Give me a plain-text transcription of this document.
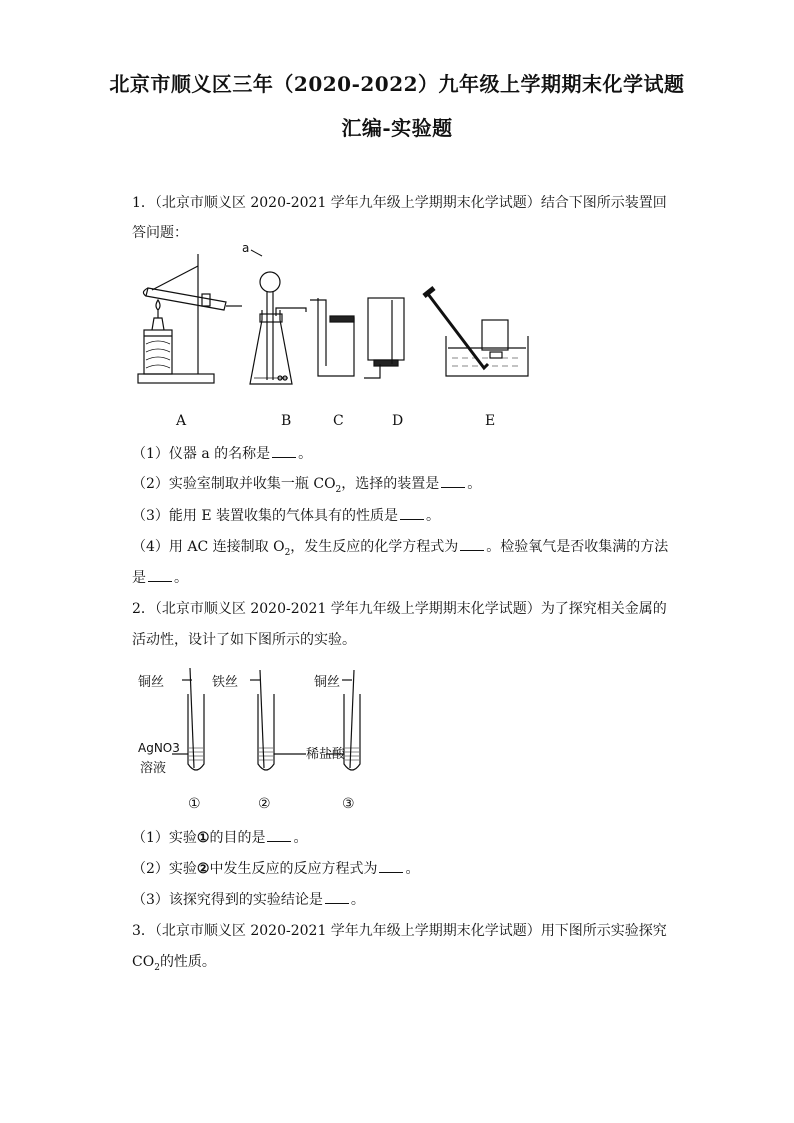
北京市顺义区三年（2020-2022）九年级上学期期末化学试题
汇编-实验题
1．（北京市顺义区 2020-2021 学年九年级上学期期末化学试题）结合下图所示装置回
答问题：
a
A	B	C	D	E
（1）仪器 a 的名称是 。
（2）实验室制取并收集一瓶 $CO_2$，选择的装置是 。
（3）能用 E 装置收集的气体具有的性质是 。
（4）用 AC 连接制取 $O_2$，发生反应的化学方程式为 。检验氧气是否收集满的方法
是 。
2．（北京市顺义区 2020-2021 学年九年级上学期期末化学试题）为了探究相关金属的
活动性，设计了如下图所示的实验。
铜丝	铁丝	铜丝
AgNO3
溶液
稀盐酸
①	②	③
（1）实验①的目的是 。
（2）实验②中发生反应的反应方程式为 。
（3）该探究得到的实验结论是 。
3．（北京市顺义区 2020-2021 学年九年级上学期期末化学试题）用下图所示实验探究
$CO_2$的性质。
